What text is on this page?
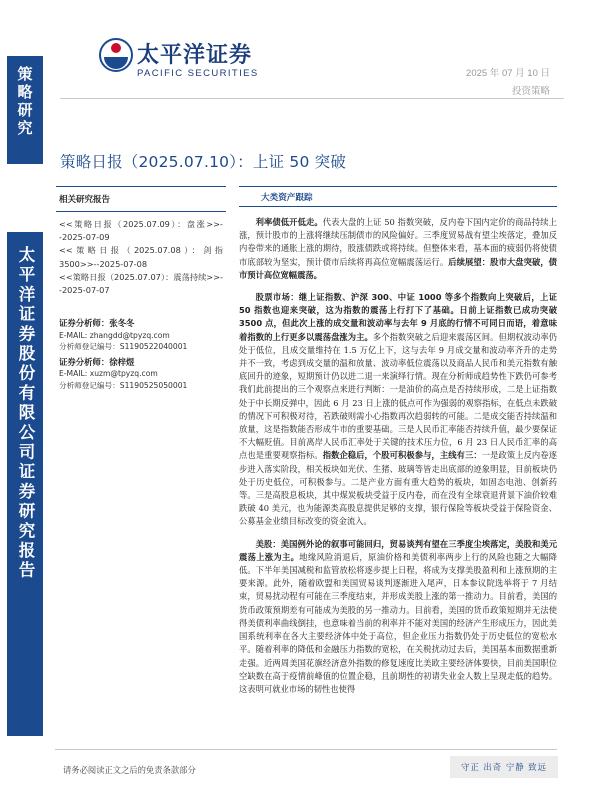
策略研究
太平洋证券股份有限公司证券研究报告
太平洋证券
PACIFIC SECURITIES	2025 年 07 月 10 日
投资策略
策略日报（2025.07.10）：上证 50 突破
相关研究报告
<<策略日报（2025.07.09）：盘涨>>--2025-07-09
<<策略日报（2025.07.08）：剑指3500>>--2025-07-08
<<策略日报（2025.07.07）：震荡持续>>--2025-07-07
证券分析师：张冬冬
E-MAIL: zhangdd@tpyzq.com
分析师登记编号：S1190522040001
证券分析师：徐梓煜
E-MAIL: xuzm@tpyzq.com
分析师登记编号：S1190525050001
大类资产跟踪

利率债低开低走。代表大盘的上证 50 指数突破，反内卷下国内定价的商品持续上涨，预计股市的上涨将继续压制债市的风险偏好。三季度贸易战有望尘埃落定，叠加反内卷带来的通胀上涨的期待，股涨债跌或将持续。但整体来看，基本面的疲弱仍将使债市底部较为坚实，预计债市后续将再高位宽幅震荡运行。后续展望：股市大盘突破，债市预计高位宽幅震荡。

股票市场：继上证指数、沪深 300、中证 1000 等多个指数向上突破后，上证 50 指数也迎来突破，这为指数的震荡上行打下了基础。日前上证指数已成功突破 3500 点，但此次上涨的成交量和波动率与去年 9 月底的行情不可同日而语，着意味着指数的上行更多以震荡盘涨为主。多个指数突破之后迎来震荡区间。但期权波动率仍处于低位，且成交量维持在 1.5 万亿上下，这与去年 9 月成交量和波动率齐升的走势并不一致，考虑到成交量的温和放量、波动率低位震荡以及商品人民币和美元指数有触底回升的迹象，短期预计仍以进二退一来演绎行情。现在分析师成趋势性下跌仍可参考我们此前提出的三个观察点来进行判断：一是油价的高点是否持续形成，二是上证指数处于中长期反弹中，因此 6 月 23 日上涨的低点可作为强弱的观察指标，在低点未跌破的情况下可积极对待，若跌破则需小心指数再次趋弱转的可能。二是成交能否持续温和放量，这是指数能否形成牛市的重要基础。三是人民币汇率能否持续升值，最少要保证不大幅贬值。目前离岸人民币汇率处于关键的技术压力位，6 月 23 日人民币汇率的高点也是重要观察指标。指数企稳后，个股可积极参与，主线有三：一是政策上反内卷逐步进入落实阶段，相关板块如光伏、生猪、玻璃等皆走出底部的迹象明显，目前板块仍处于历史低位，可积极参与。二是产业方面有重大趋势的板块，如固态电池、创新药等。三是高股息板块，其中煤炭板块受益于反内卷，而在没有全球衰退背景下油价较难跌破 40 美元，也为能源类高股息提供足够的支撑，银行保险等板块受益于保险资金、公募基金业绩目标改变的资金流入。

美股：美国例外论的叙事可能回归，贸易谈判有望在三季度尘埃落定，美股和美元震荡上涨为主。地缘风险消退后，原油价格和美债利率两步上行的风险也随之大幅降低。下半年美国减税和监管放松将逐步提上日程，将成为支撑美股盈利和上涨预期的主要来源。此外，随着欧盟和美国贸易谈判逐渐进入尾声，日本参议院选举将于 7 月结束，贸易扰动程有可能在三季度结束，并形成美股上涨的第一推动力。目前看，美国的货币政策预期差有可能成为美股的另一推动力。目前看，美国的货币政策短期并无法使得美债利率曲线倒挂，也意味着当前的利率并不能对美国的经济产生形成压力，因此美国系统利率在各大主要经济体中处于高位，但企业压力指数仍处于历史低位的宽松水平。随着利率的降低和金融压力指数的宽松，在关税扰动过去后，美国基本面数据重新走强。近两周美国花旗经济意外指数的修复速度比美欧主要经济体要快，目前美国职位空缺数在高于疫情前峰值的位置企稳，且前期性的初请失业金人数上呈现走低的趋势。这表明可就业市场的韧性也使得

请务必阅读正文之后的免责条款部分	守正 出奇 宁静 致远
